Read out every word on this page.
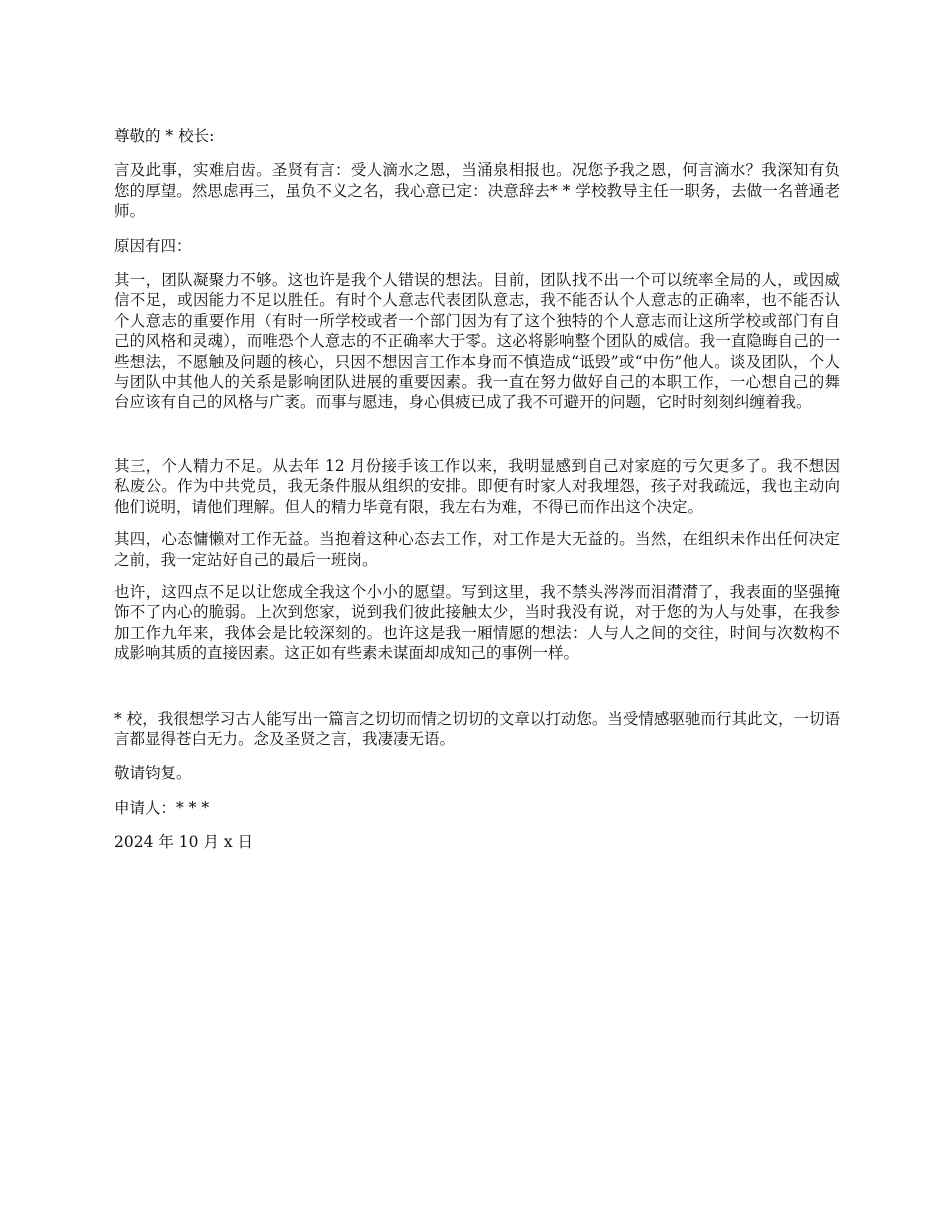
尊敬的 * 校长:

言及此事，实难启齿。圣贤有言：受人滴水之恩，当涌泉相报也。况您予我之恩，何言滴水？我深知有负您的厚望。然思虑再三，虽负不义之名，我心意已定：决意辞去* * 学校教导主任一职务，去做一名普通老师。

原因有四：

其一，团队凝聚力不够。这也许是我个人错误的想法。目前，团队找不出一个可以统率全局的人，或因威信不足，或因能力不足以胜任。有时个人意志代表团队意志，我不能否认个人意志的正确率，也不能否认个人意志的重要作用（有时一所学校或者一个部门因为有了这个独特的个人意志而让这所学校或部门有自己的风格和灵魂），而唯恐个人意志的不正确率大于零。这必将影响整个团队的威信。我一直隐晦自己的一些想法，不愿触及问题的核心，只因不想因言工作本身而不慎造成“诋毁”或“中伤”他人。谈及团队，个人与团队中其他人的关系是影响团队进展的重要因素。我一直在努力做好自己的本职工作，一心想自己的舞台应该有自己的风格与广袤。而事与愿违，身心俱疲已成了我不可避开的问题，它时时刻刻纠缠着我。

其三，个人精力不足。从去年 12 月份接手该工作以来，我明显感到自己对家庭的亏欠更多了。我不想因私废公。作为中共党员，我无条件服从组织的安排。即便有时家人对我埋怨，孩子对我疏远，我也主动向他们说明，请他们理解。但人的精力毕竟有限，我左右为难，不得已而作出这个决定。

其四，心态慵懒对工作无益。当抱着这种心态去工作，对工作是大无益的。当然，在组织未作出任何决定之前，我一定站好自己的最后一班岗。

也许，这四点不足以让您成全我这个小小的愿望。写到这里，我不禁头涔涔而泪潸潸了，我表面的坚强掩饰不了内心的脆弱。上次到您家，说到我们彼此接触太少，当时我没有说，对于您的为人与处事，在我参加工作九年来，我体会是比较深刻的。也许这是我一厢情愿的想法：人与人之间的交往，时间与次数构不成影响其质的直接因素。这正如有些素未谋面却成知己的事例一样。

* 校，我很想学习古人能写出一篇言之切切而情之切切的文章以打动您。当受情感驱驰而行其此文，一切语言都显得苍白无力。念及圣贤之言，我凄凄无语。

敬请钧复。

申请人：* * *

2024 年 10 月 x 日
